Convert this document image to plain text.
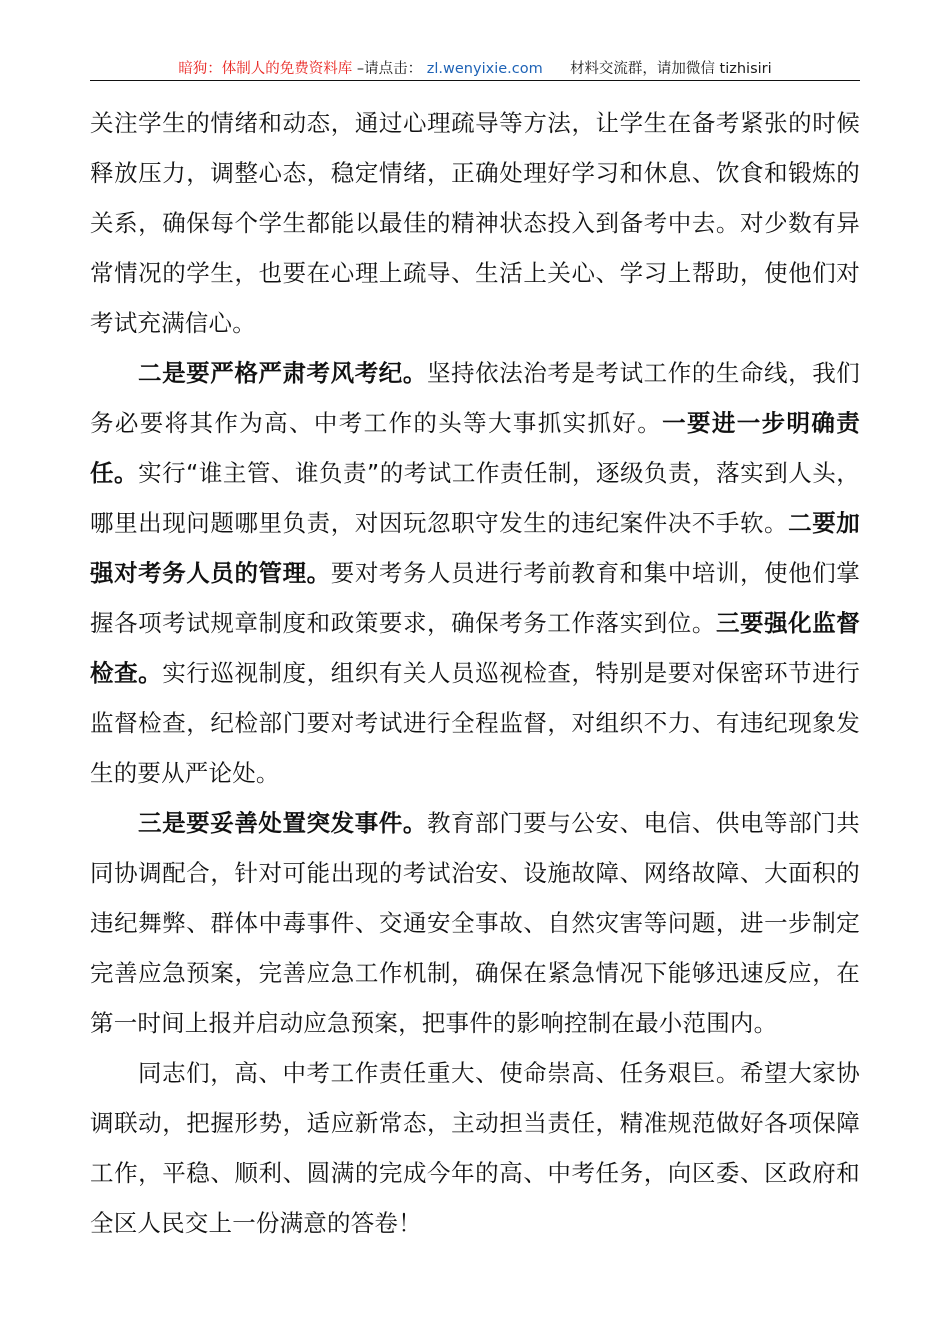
暗狗：体制人的免费资料库 –请点击： zl.wenyixie.com 材料交流群，请加微信 tizhisiri

关注学生的情绪和动态，通过心理疏导等方法，让学生在备考紧张的时候释放压力，调整心态，稳定情绪，正确处理好学习和休息、饮食和锻炼的关系，确保每个学生都能以最佳的精神状态投入到备考中去。对少数有异常情况的学生，也要在心理上疏导、生活上关心、学习上帮助，使他们对考试充满信心。

二是要严格严肃考风考纪。坚持依法治考是考试工作的生命线，我们务必要将其作为高、中考工作的头等大事抓实抓好。一要进一步明确责任。实行“谁主管、谁负责”的考试工作责任制，逐级负责，落实到人头，哪里出现问题哪里负责，对因玩忽职守发生的违纪案件决不手软。二要加强对考务人员的管理。要对考务人员进行考前教育和集中培训，使他们掌握各项考试规章制度和政策要求，确保考务工作落实到位。三要强化监督检查。实行巡视制度，组织有关人员巡视检查，特别是要对保密环节进行监督检查，纪检部门要对考试进行全程监督，对组织不力、有违纪现象发生的要从严论处。

三是要妥善处置突发事件。教育部门要与公安、电信、供电等部门共同协调配合，针对可能出现的考试治安、设施故障、网络故障、大面积的违纪舞弊、群体中毒事件、交通安全事故、自然灾害等问题，进一步制定完善应急预案，完善应急工作机制，确保在紧急情况下能够迅速反应，在第一时间上报并启动应急预案，把事件的影响控制在最小范围内。

同志们，高、中考工作责任重大、使命崇高、任务艰巨。希望大家协调联动，把握形势，适应新常态，主动担当责任，精准规范做好各项保障工作，平稳、顺利、圆满的完成今年的高、中考任务，向区委、区政府和全区人民交上一份满意的答卷！
